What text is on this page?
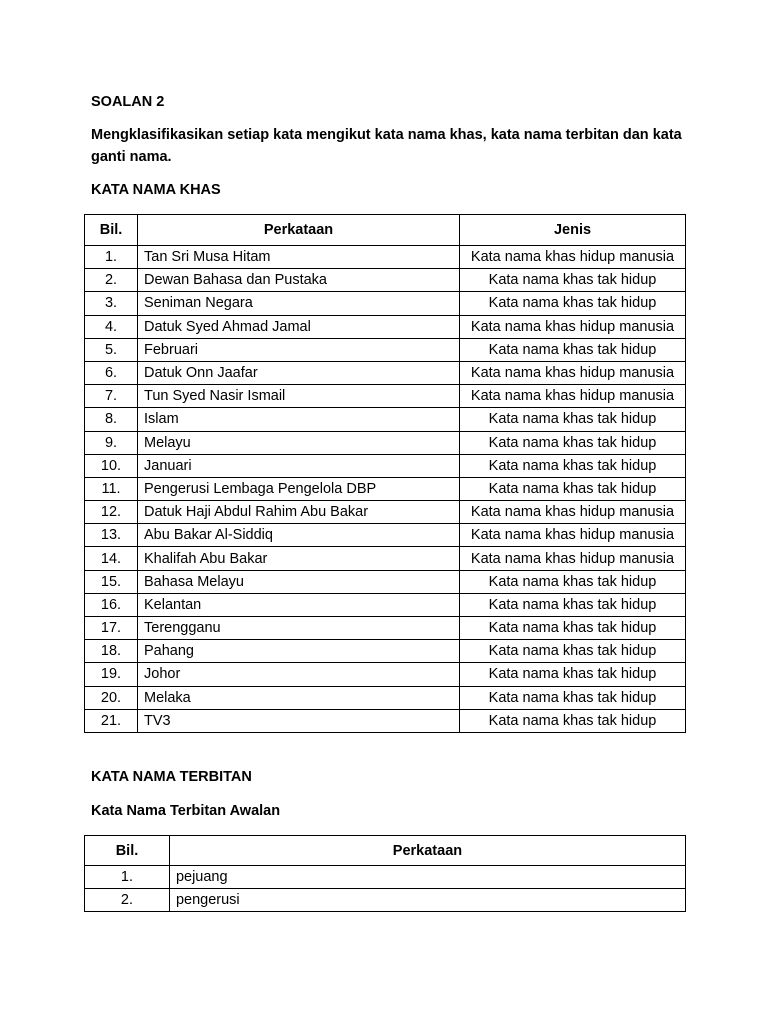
SOALAN 2

Mengklasifikasikan setiap kata mengikut kata nama khas, kata nama terbitan dan kata ganti nama.

KATA NAMA KHAS

Bil.	Perkataan	Jenis
1.	Tan Sri Musa Hitam	Kata nama khas hidup manusia
2.	Dewan Bahasa dan Pustaka	Kata nama khas tak hidup
3.	Seniman Negara	Kata nama khas tak hidup
4.	Datuk Syed Ahmad Jamal	Kata nama khas hidup manusia
5.	Februari	Kata nama khas tak hidup
6.	Datuk Onn Jaafar	Kata nama khas hidup manusia
7.	Tun Syed Nasir Ismail	Kata nama khas hidup manusia
8.	Islam	Kata nama khas tak hidup
9.	Melayu	Kata nama khas tak hidup
10.	Januari	Kata nama khas tak hidup
11.	Pengerusi Lembaga Pengelola DBP	Kata nama khas tak hidup
12.	Datuk Haji Abdul Rahim Abu Bakar	Kata nama khas hidup manusia
13.	Abu Bakar Al-Siddiq	Kata nama khas hidup manusia
14.	Khalifah Abu Bakar	Kata nama khas hidup manusia
15.	Bahasa Melayu	Kata nama khas tak hidup
16.	Kelantan	Kata nama khas tak hidup
17.	Terengganu	Kata nama khas tak hidup
18.	Pahang	Kata nama khas tak hidup
19.	Johor	Kata nama khas tak hidup
20.	Melaka	Kata nama khas tak hidup
21.	TV3	Kata nama khas tak hidup

KATA NAMA TERBITAN

Kata Nama Terbitan Awalan

Bil.	Perkataan
1.	pejuang
2.	pengerusi
